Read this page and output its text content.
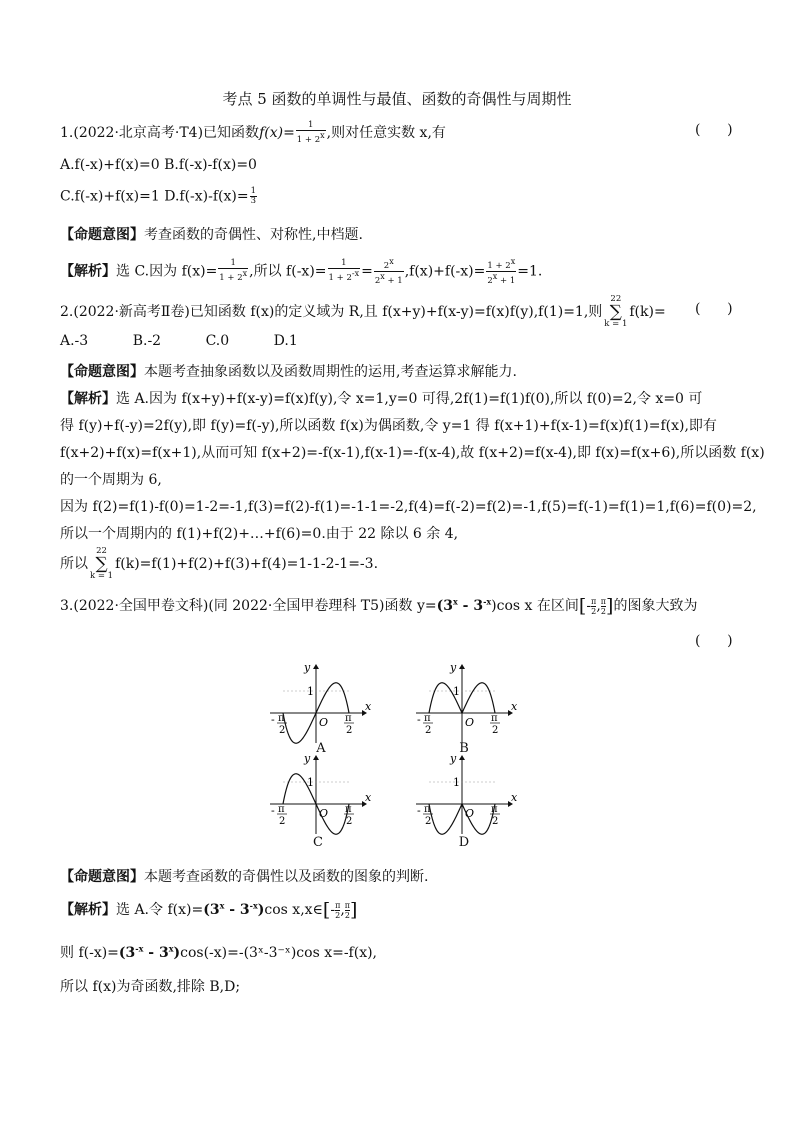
考点 5 函数的单调性与最值、函数的奇偶性与周期性
1.(2022·北京高考·T4)已知函数$f(x)= \frac{1}{1 + 2^x}$ ,则对任意实数 x,有	(      )
A.f(-x)+f(x)=0 B.f(-x)-f(x)=0
C.f(-x)+f(x)=1 $D.f(-x)-f(x)= \frac{1}{3}$
【命题意图】考查函数的奇偶性、对称性,中档题.
【解析】选 C.因为 $f(x)= \frac{1}{1 + 2^x}$ ,所以 $f(-x)= \frac{1}{1 + 2^{-x}} = \frac{2^x}{2^x + 1} ,f(x)+f(-x)= \frac{1 + 2^x}{2^x + 1} =1$.
2.(2022·新高考Ⅱ卷)已知函数 f(x)的定义域为 R,且 f(x+y)+f(x-y)=f(x)f(y),f(1)=1,则22
∑
k = 1f(k)= (      )
A.-3          B.-2          C.0          D.1
【命题意图】本题考查抽象函数以及函数周期性的运用,考查运算求解能力.
【解析】选 A.因为 f(x+y)+f(x-y)=f(x)f(y),令 x=1,y=0 可得,2f(1)=f(1)f(0),所以 f(0)=2,令 x=0 可
得 f(y)+f(-y)=2f(y),即 f(y)=f(-y),所以函数 f(x)为偶函数,令 y=1 得 f(x+1)+f(x-1)=f(x)f(1)=f(x),即有
f(x+2)+f(x)=f(x+1),从而可知 f(x+2)=-f(x-1),f(x-1)=-f(x-4),故 f(x+2)=f(x-4),即 f(x)=f(x+6),所以函数 f(x)
的一个周期为 6,
因为 f(2)=f(1)-f(0)=1-2=-1,f(3)=f(2)-f(1)=-1-1=-2,f(4)=f(-2)=f(2)=-1,f(5)=f(-1)=f(1)=1,f(6)=f(0)=2,
所以一个周期内的 f(1)+f(2)+…+f(6)=0.由于 22 除以 6 余 4,
所以22
∑
k = 1f(k)=f(1)+f(2)+f(3)+f(4)=1-1-2-1=-3.
3.(2022·全国甲卷文科)(同 2022·全国甲卷理科 T5)函数 $y=(3^x - 3^{-x})\cos$ x 在区间[- $\frac{\pi}{2}$, $\frac{\pi}{2}$]的图象大致为
(      )
y
x
O
1
- π
2
π
2
y
x
O
1
- π
2
π
2
y
x
O
1
- π
2
π
2
y
x
O
1
- π
2
π
2
A	B
C	D
【命题意图】本题考查函数的奇偶性以及函数的图象的判断.
【解析】选 A.令 $f(x)=(3^x - 3^{-x})\cos$ x,x∈[- $\frac{\pi}{2}$, $\frac{\pi}{2}$]
则 $f(-x)=(3^{-x}$ - $3^x)\cos(-x)=-(3ˣ-3^-ˣ)\cos$ x=-f(x),
所以 f(x)为奇函数,排除 B,D;
